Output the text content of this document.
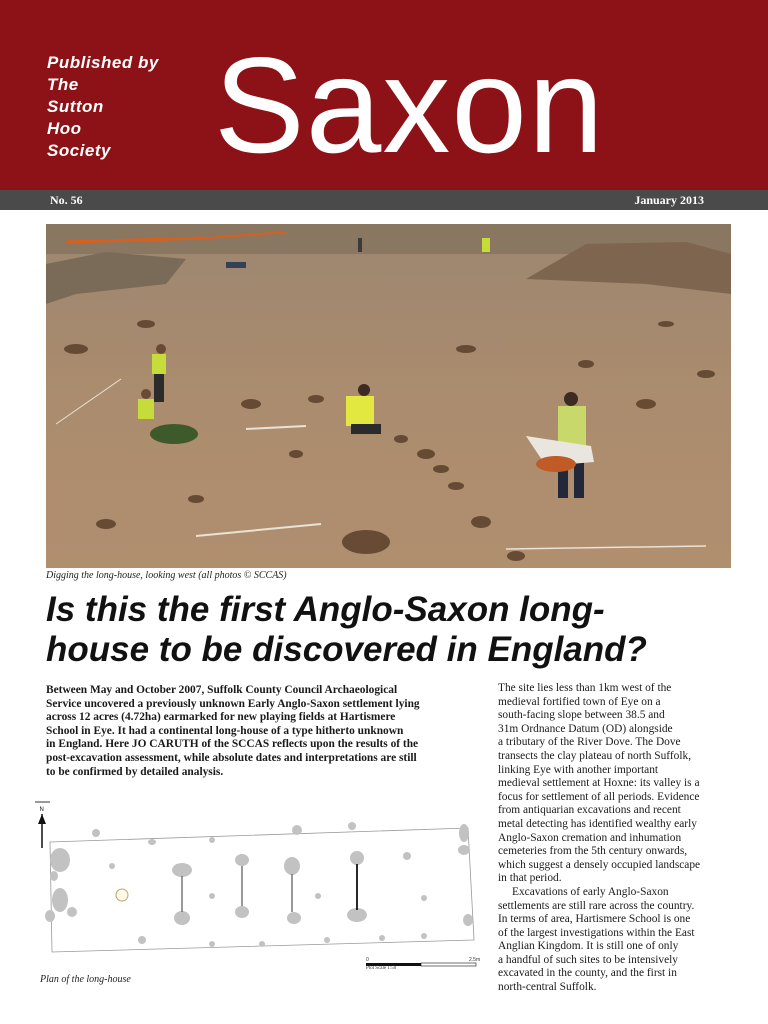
Published by
The
Sutton
Hoo
Society Saxon
No. 56	January 2013
Digging the long-house, looking west (all photos © SCCAS)
Is this the first Anglo-Saxon long-
house to be discovered in England?
Between May and October 2007, Suffolk County Council Archaeological
Service uncovered a previously unknown Early Anglo-Saxon settlement lying
across 12 acres (4.72ha) earmarked for new playing fields at Hartismere
School in Eye. It had a continental long-house of a type hitherto unknown
in England. Here JO CARUTH of the SCCAS reflects upon the results of the
post-excavation assessment, while absolute dates and interpretations are still
to be confirmed by detailed analysis.
The site lies less than 1km west of the
medieval fortified town of Eye on a
south-facing slope between 38.5 and
31m Ordnance Datum (OD) alongside
a tributary of the River Dove. The Dove
transects the clay plateau of north Suffolk,
linking Eye with another important
medieval settlement at Hoxne: its valley is a
focus for settlement of all periods. Evidence
from antiquarian excavations and recent
metal detecting has identified wealthy early
Anglo-Saxon cremation and inhumation
cemeteries from the 5th century onwards,
which suggest a densely occupied landscape
in that period.
Excavations of early Anglo-Saxon
settlements are still rare across the country.
In terms of area, Hartismere School is one
of the largest investigations within the East
Anglian Kingdom. It is still one of only
a handful of such sites to be intensively
excavated in the county, and the first in
north-central Suffolk.
N
0	2.5m
Plot Scale 1:50
Plan of the long-house
